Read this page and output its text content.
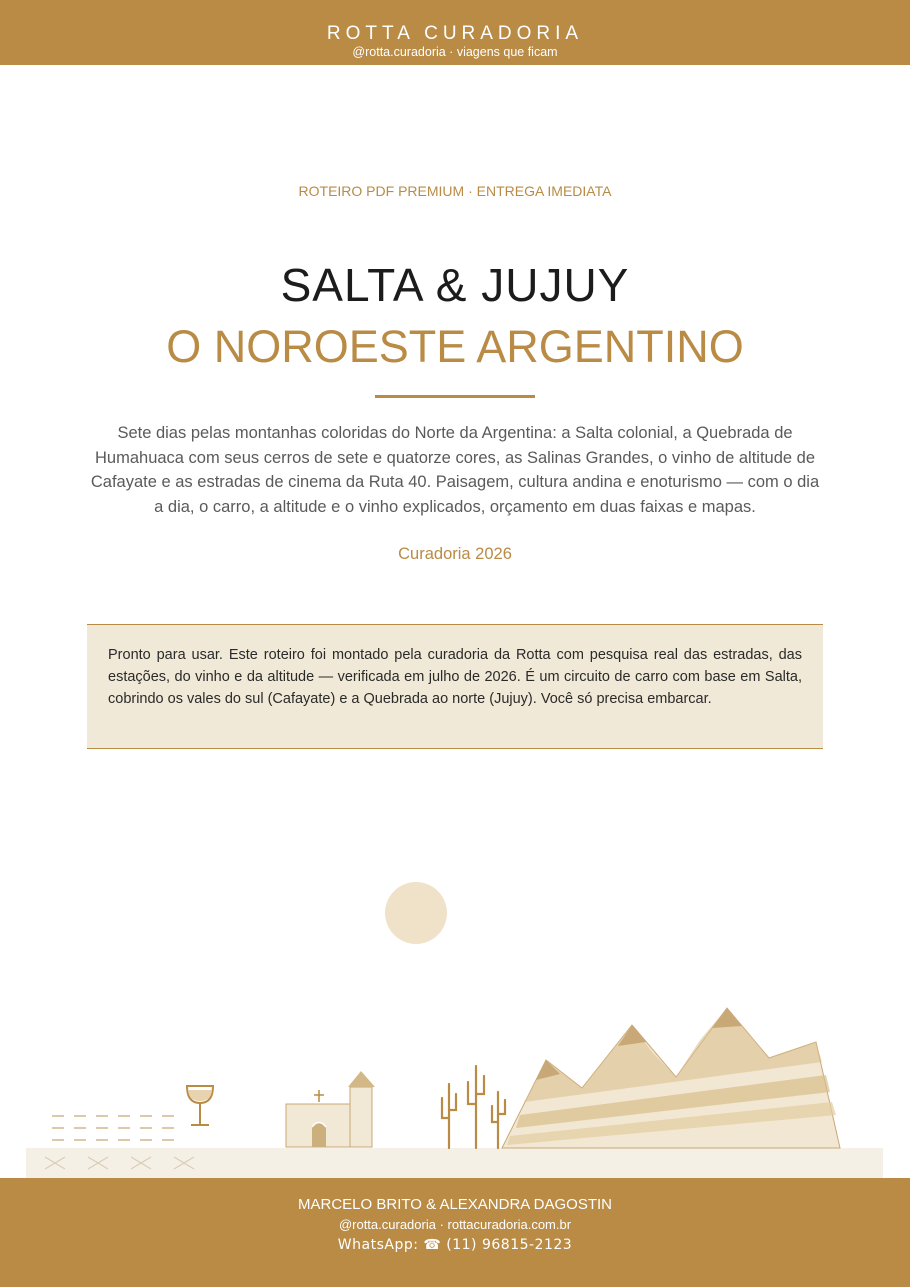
ROTTA CURADORIA
@rotta.curadoria · viagens que ficam
ROTEIRO PDF PREMIUM · ENTREGA IMEDIATA
SALTA & JUJUY
O NOROESTE ARGENTINO
Sete dias pelas montanhas coloridas do Norte da Argentina: a Salta colonial, a Quebrada de Humahuaca com seus cerros de sete e quatorze cores, as Salinas Grandes, o vinho de altitude de Cafayate e as estradas de cinema da Ruta 40. Paisagem, cultura andina e enoturismo — com o dia a dia, o carro, a altitude e o vinho explicados, orçamento em duas faixas e mapas.
Curadoria 2026

Pronto para usar. Este roteiro foi montado pela curadoria da Rotta com pesquisa real das estradas, das estações, do vinho e da altitude — verificada em julho de 2026. É um circuito de carro com base em Salta, cobrindo os vales do sul (Cafayate) e a Quebrada ao norte (Jujuy). Você só precisa embarcar.

MARCELO BRITO & ALEXANDRA DAGOSTIN
@rotta.curadoria · rottacuradoria.com.br
WhatsApp: ☎ (11) 96815-2123
